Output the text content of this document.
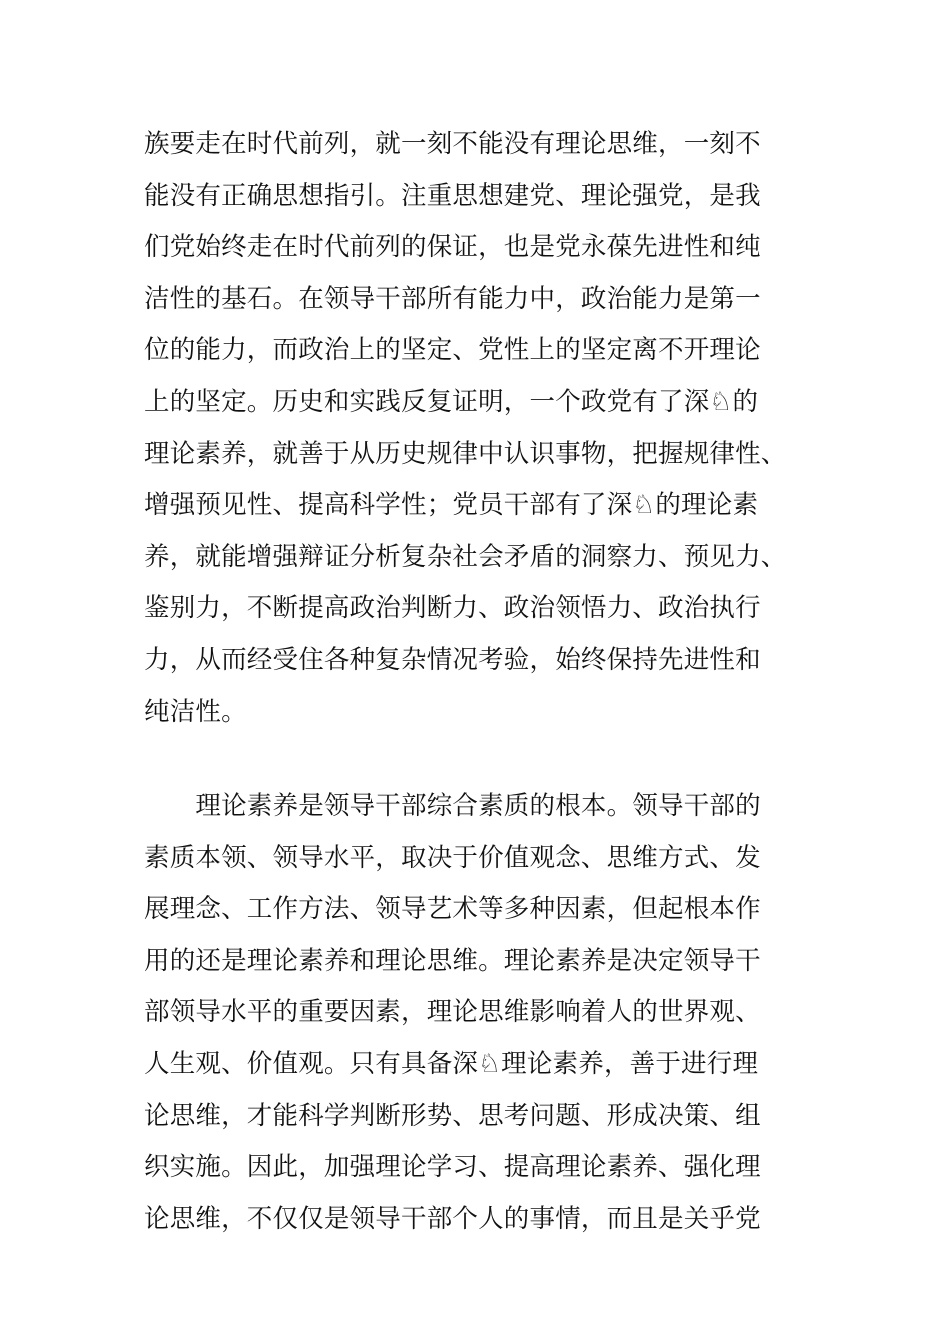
族要走在时代前列，就一刻不能没有理论思维，一刻不
能没有正确思想指引。注重思想建党、理论强党，是我
们党始终走在时代前列的保证，也是党永葆先进性和纯
洁性的基石。在领导干部所有能力中，政治能力是第一
位的能力，而政治上的坚定、党性上的坚定离不开理论
上的坚定。历史和实践反复证明，一个政党有了深♘的
理论素养，就善于从历史规律中认识事物，把握规律性、
增强预见性、提高科学性；党员干部有了深♘的理论素
养，就能增强辩证分析复杂社会矛盾的洞察力、预见力、
鉴别力，不断提高政治判断力、政治领悟力、政治执行
力，从而经受住各种复杂情况考验，始终保持先进性和
纯洁性。
　　理论素养是领导干部综合素质的根本。领导干部的
素质本领、领导水平，取决于价值观念、思维方式、发
展理念、工作方法、领导艺术等多种因素，但起根本作
用的还是理论素养和理论思维。理论素养是决定领导干
部领导水平的重要因素，理论思维影响着人的世界观、
人生观、价值观。只有具备深♘理论素养，善于进行理
论思维，才能科学判断形势、思考问题、形成决策、组
织实施。因此，加强理论学习、提高理论素养、强化理
论思维，不仅仅是领导干部个人的事情，而且是关乎党
